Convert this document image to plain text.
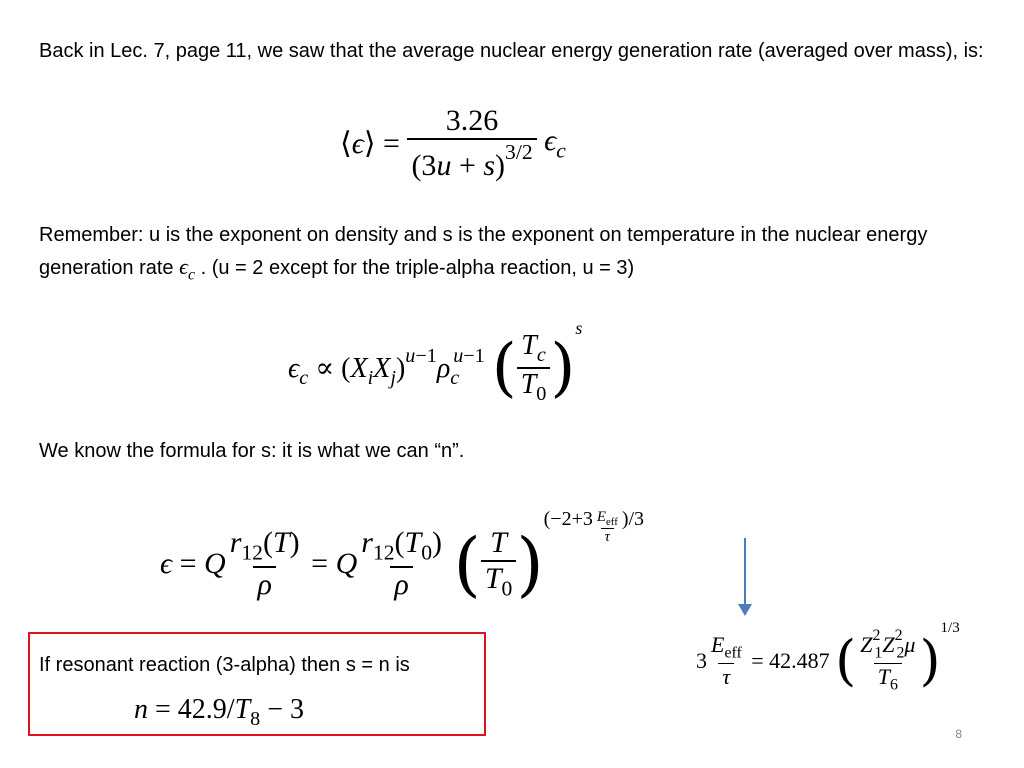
Back in Lec. 7, page 11, we saw that the average nuclear energy generation rate (averaged over mass), is:
⟨ϵ⟩ = $\frac{3.26}{(3u + s)^{3/2}} \epsilon_c$
Remember: u is the exponent on density and s is the exponent on temperature in the nuclear energy generation rate $\epsilon_c$ . (u = 2 except for the triple-alpha reaction, u = 3)
$\epsilon_c \propto (X_iX_j)^{u-1}\rho_c^{u-1}$ ( $\frac{T_c}{T_0} )^s$
We know the formula for s: it is what we can “n”.
ϵ = Q $\frac{r_{12}(T)}{\rho} = Q \frac{r_{12}(T_0)}{\rho}$ ( $\frac{T}{T_0} )^{(-2+3 \frac{E_{eff}}{\tau} )/3}$
$3 \frac{E_{eff}}{\tau} = 42.487$ ( $\frac{Z^2_1Z^2_2\mu}{T_6} )^{1/3}$
If resonant reaction (3-alpha) then s = n is
$n = 42.9/T_8 - 3$
8
